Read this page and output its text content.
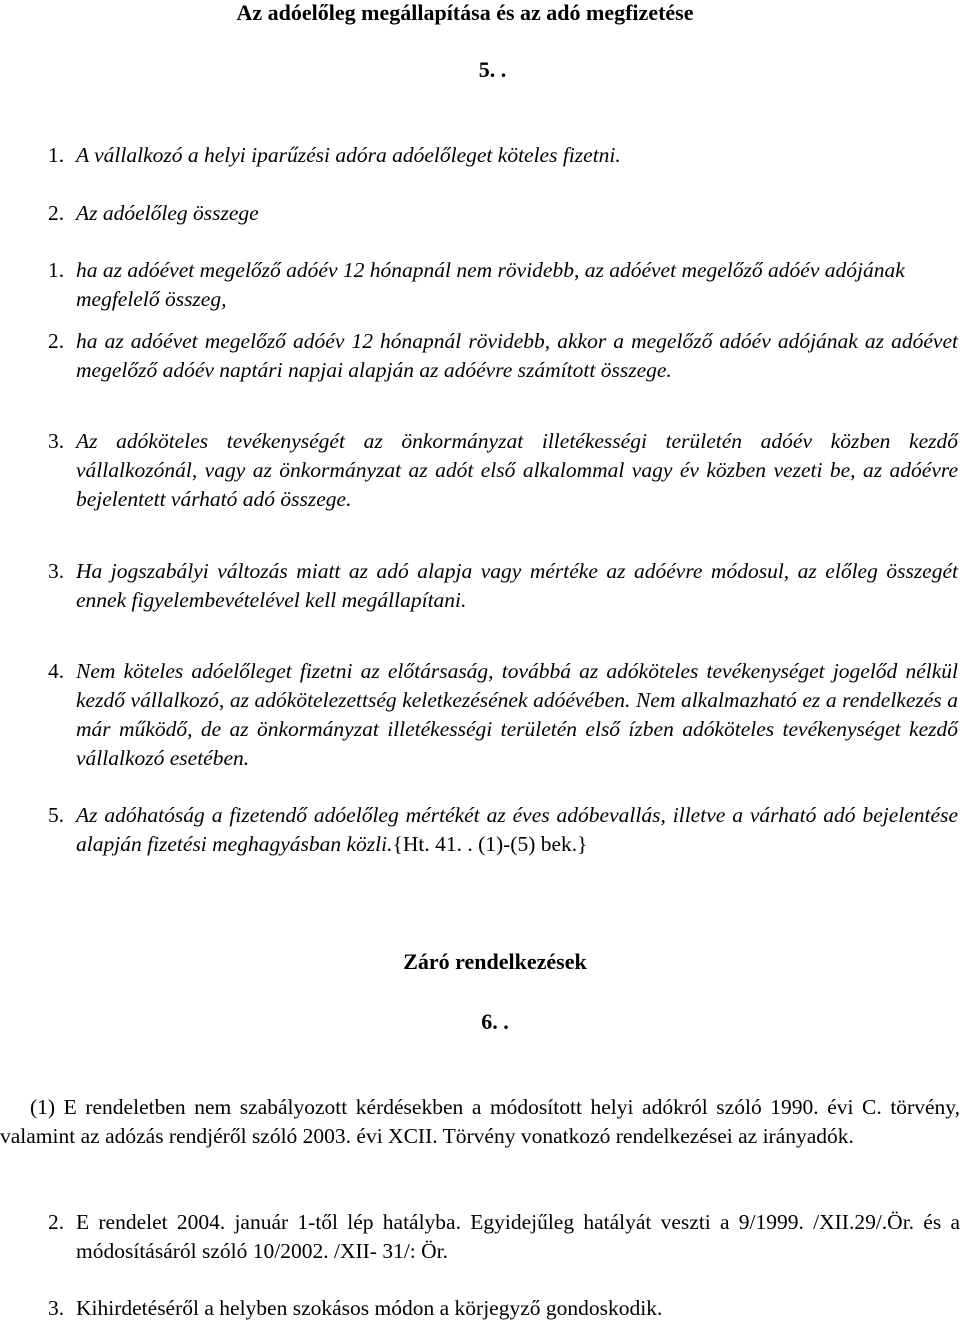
Az adóelőleg megállapítása és az adó megfizetése
5. .
1. A vállalkozó a helyi iparűzési adóra adóelőleget köteles fizetni.
2. Az adóelőleg összege
1. ha az adóévet megelőző adóév 12 hónapnál nem rövidebb, az adóévet megelőző adóév adójának megfelelő összeg,
2. ha az adóévet megelőző adóév 12 hónapnál rövidebb, akkor a megelőző adóév adójának az adóévet megelőző adóév naptári napjai alapján az adóévre számított összege.
3. Az adóköteles tevékenységét az önkormányzat illetékességi területén adóév közben kezdő vállalkozónál, vagy az önkormányzat az adót első alkalommal vagy év közben vezeti be, az adóévre bejelentett várható adó összege.
3. Ha jogszabályi változás miatt az adó alapja vagy mértéke az adóévre módosul, az előleg összegét ennek figyelembevételével kell megállapítani.
4. Nem köteles adóelőleget fizetni az előtársaság, továbbá az adóköteles tevékenységet jogelőd nélkül kezdő vállalkozó, az adókötelezettség keletkezésének adóévében. Nem alkalmazható ez a rendelkezés a már működő, de az önkormányzat illetékességi területén első ízben adóköteles tevékenységet kezdő vállalkozó esetében.
5. Az adóhatóság a fizetendő adóelőleg mértékét az éves adóbevallás, illetve a várható adó bejelentése alapján fizetési meghagyásban közli.{Ht. 41. . (1)-(5) bek.}
Záró rendelkezések
6. .
(1) E rendeletben nem szabályozott kérdésekben a módosított helyi adókról szóló 1990. évi C. törvény, valamint az adózás rendjéről szóló 2003. évi XCII. Törvény vonatkozó rendelkezései az irányadók.
2. E rendelet 2004. január 1-től lép hatályba. Egyidejűleg hatályát veszti a 9/1999. /XII.29/.Ör. és a módosításáról szóló 10/2002. /XII- 31/: Ör.
3. Kihirdetéséről a helyben szokásos módon a körjegyző gondoskodik.
